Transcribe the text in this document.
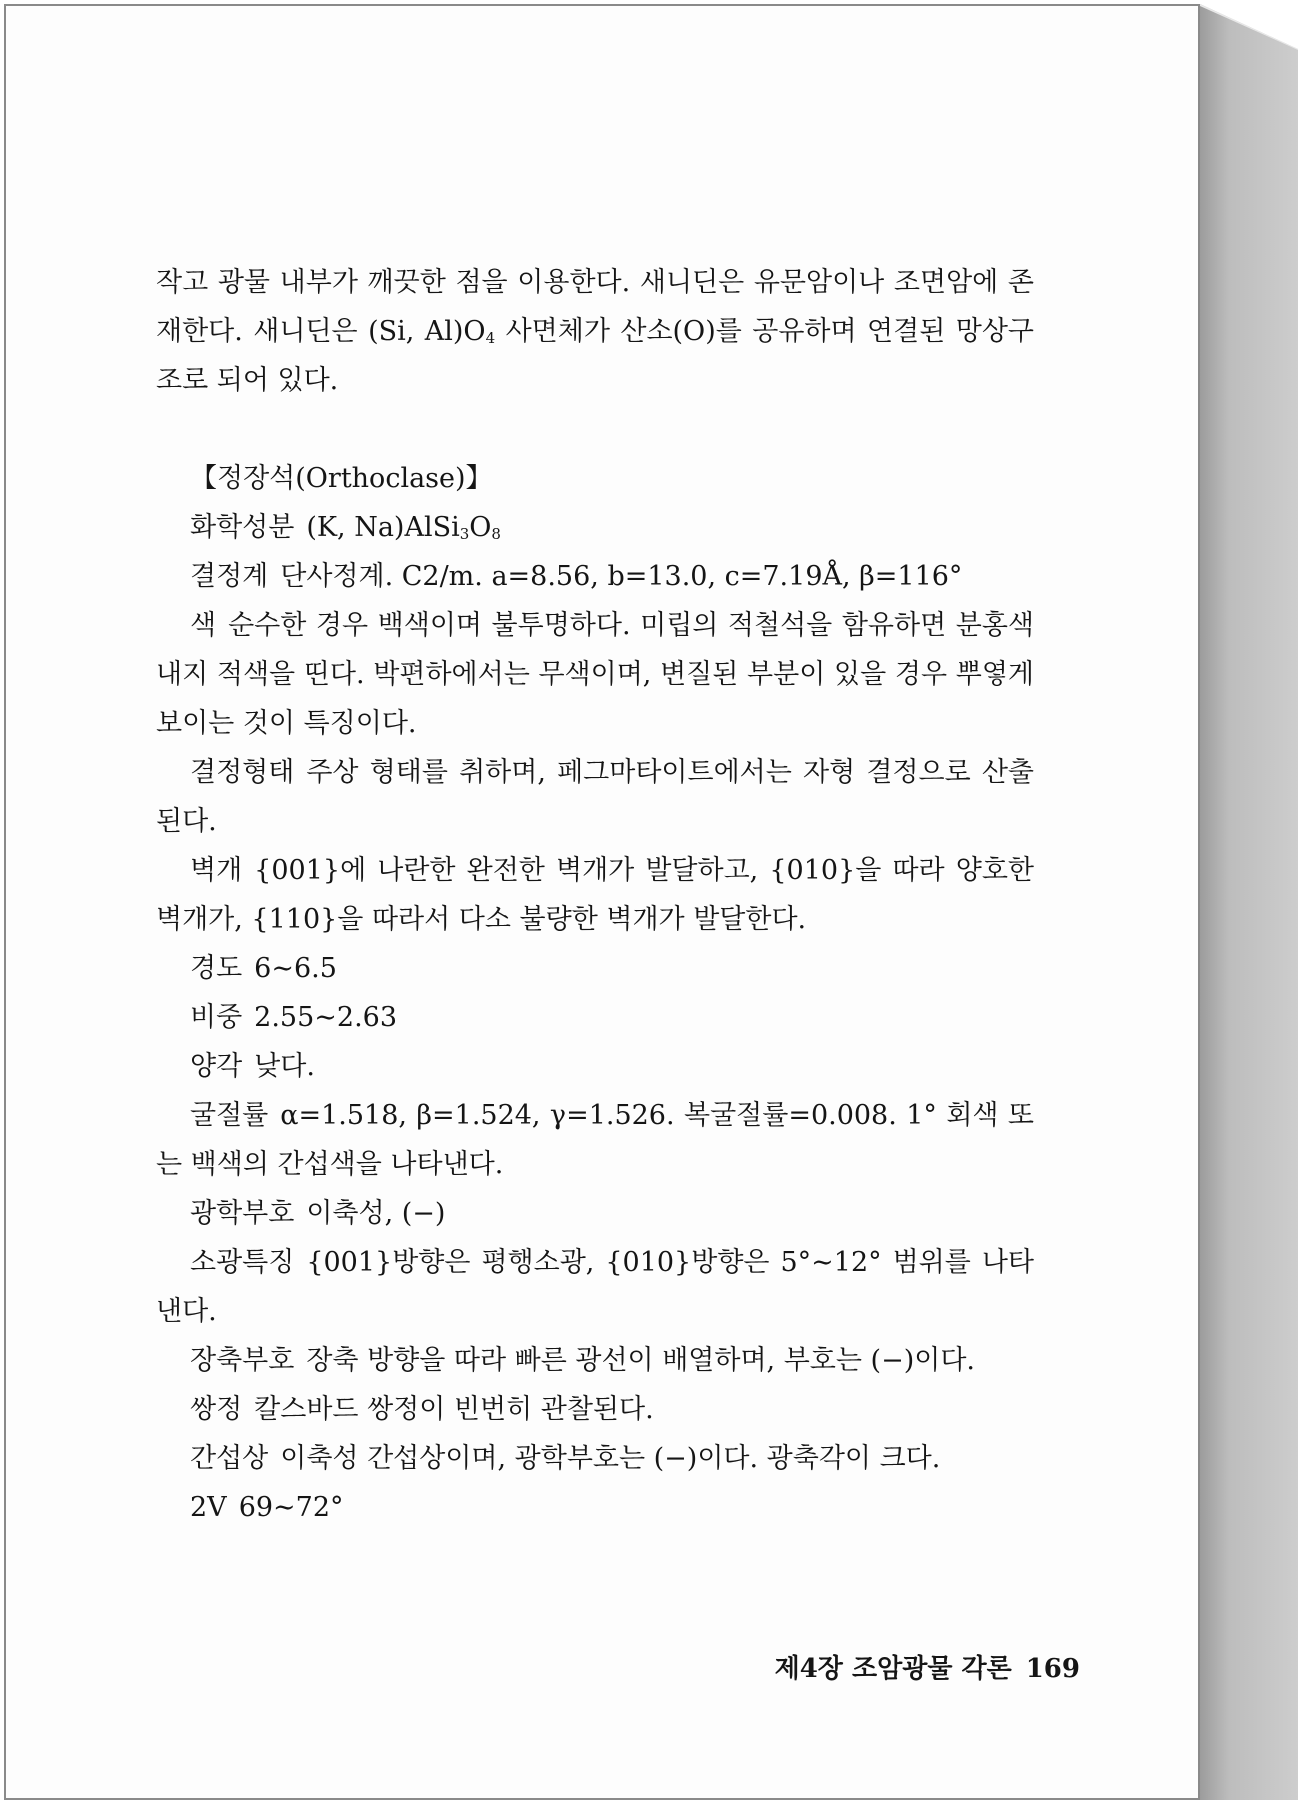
작고 광물 내부가 깨끗한 점을 이용한다. 새니딘은 유문암이나 조면암에 존재한다. 새니딘은 (Si, $Al)O_4$ 사면체가 산소(O)를 공유하며 연결된 망상구조로 되어 있다.

【정장석(Orthoclase)】

화학성분 (K, $Na)AlSi_3O_8$

결정계 단사정계. C2/m. a=8.56, b=13.0, c=7.19Å, β=116°

색 순수한 경우 백색이며 불투명하다. 미립의 적철석을 함유하면 분홍색 내지 적색을 띤다. 박편하에서는 무색이며, 변질된 부분이 있을 경우 뿌옇게 보이는 것이 특징이다.

결정형태 주상 형태를 취하며, 페그마타이트에서는 자형 결정으로 산출된다.

벽개 {001}에 나란한 완전한 벽개가 발달하고, {010}을 따라 양호한 벽개가, {110}을 따라서 다소 불량한 벽개가 발달한다.

경도 6∼6.5

비중 2.55∼2.63

양각 낮다.

굴절률 α=1.518, β=1.524, γ=1.526. 복굴절률=0.008. 1° 회색 또는 백색의 간섭색을 나타낸다.

광학부호 이축성, (−)

소광특징 {001}방향은 평행소광, {010}방향은 5°∼12° 범위를 나타낸다.

장축부호 장축 방향을 따라 빠른 광선이 배열하며, 부호는 (−)이다.

쌍정 칼스바드 쌍정이 빈번히 관찰된다.

간섭상 이축성 간섭상이며, 광학부호는 (−)이다. 광축각이 크다.

2V 69∼72°

제4장 조암광물 각론 169
